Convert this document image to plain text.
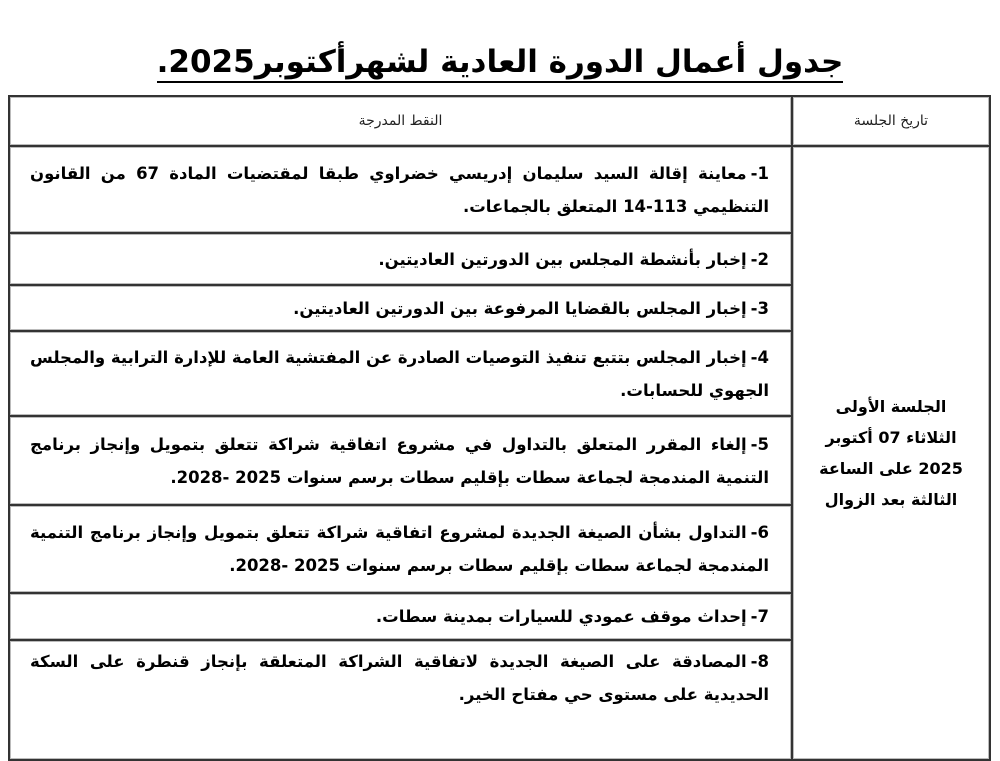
جدول أعمال الدورة العادية لشهرأكتوبر2025.
تاريخ الجلسة	النقط المدرجة

الجلسة الأولى
الثلاثاء 07 أكتوبر
2025 على الساعة
الثالثة بعد الزوال	1-معاينة إقالة السيد سليمان إدريسي خضراوي طبقا لمقتضيات المادة 67 من القانون التنظيمي 113-14 المتعلق بالجماعات.
	2-إخبار بأنشطة المجلس بين الدورتين العاديتين.
	3-إخبار المجلس بالقضايا المرفوعة بين الدورتين العاديتين.
	4-إخبار المجلس بتتبع تنفيذ التوصيات الصادرة عن المفتشية العامة للإدارة الترابية والمجلس الجهوي للحسابات.
	5-إلغاء المقرر المتعلق بالتداول في مشروع اتفاقية شراكة تتعلق بتمويل وإنجاز برنامج التنمية المندمجة لجماعة سطات بإقليم سطات برسم سنوات 2025 -2028.
	6-التداول بشأن الصيغة الجديدة لمشروع اتفاقية شراكة تتعلق بتمويل وإنجاز برنامج التنمية المندمجة لجماعة سطات بإقليم سطات برسم سنوات 2025 -2028.
	7-إحداث موقف عمودي للسيارات بمدينة سطات.
	8-المصادقة على الصيغة الجديدة لاتفاقية الشراكة المتعلقة بإنجاز قنطرة على السكة الحديدية على مستوى حي مفتاح الخير.
